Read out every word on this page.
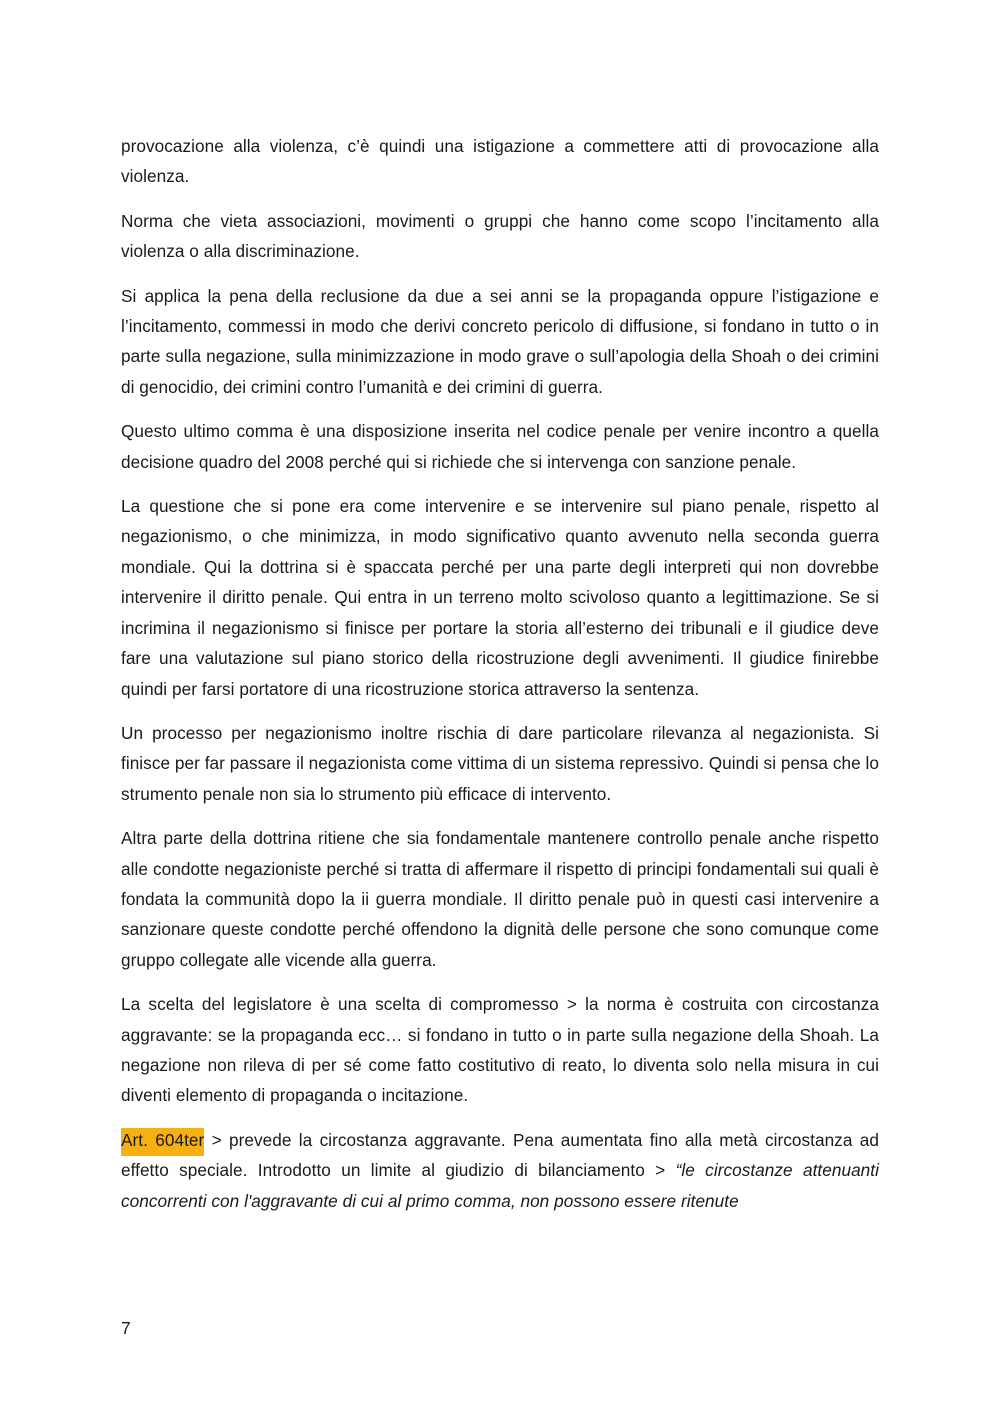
provocazione alla violenza, c’è quindi una istigazione a commettere atti di provocazione alla violenza.

Norma che vieta associazioni, movimenti o gruppi che hanno come scopo l’incitamento alla violenza o alla discriminazione.

Si applica la pena della reclusione da due a sei anni se la propaganda oppure l’istigazione e l’incitamento, commessi in modo che derivi concreto pericolo di diffusione, si fondano in tutto o in parte sulla negazione, sulla minimizzazione in modo grave o sull’apologia della Shoah o dei crimini di genocidio, dei crimini contro l’umanità e dei crimini di guerra.

Questo ultimo comma è una disposizione inserita nel codice penale per venire incontro a quella decisione quadro del 2008 perché qui si richiede che si intervenga con sanzione penale.

La questione che si pone era come intervenire e se intervenire sul piano penale, rispetto al negazionismo, o che minimizza, in modo significativo quanto avvenuto nella seconda guerra mondiale. Qui la dottrina si è spaccata perché per una parte degli interpreti qui non dovrebbe intervenire il diritto penale. Qui entra in un terreno molto scivoloso quanto a legittimazione. Se si incrimina il negazionismo si finisce per portare la storia all’esterno dei tribunali e il giudice deve fare una valutazione sul piano storico della ricostruzione degli avvenimenti. Il giudice finirebbe quindi per farsi portatore di una ricostruzione storica attraverso la sentenza.

Un processo per negazionismo inoltre rischia di dare particolare rilevanza al negazionista. Si finisce per far passare il negazionista come vittima di un sistema repressivo. Quindi si pensa che lo strumento penale non sia lo strumento più efficace di intervento.

Altra parte della dottrina ritiene che sia fondamentale mantenere controllo penale anche rispetto alle condotte negazioniste perché si tratta di affermare il rispetto di principi fondamentali sui quali è fondata la communità dopo la ii guerra mondiale. Il diritto penale può in questi casi intervenire a sanzionare queste condotte perché offendono la dignità delle persone che sono comunque come gruppo collegate alle vicende alla guerra.

La scelta del legislatore è una scelta di compromesso > la norma è costruita con circostanza aggravante: se la propaganda ecc… si fondano in tutto o in parte sulla negazione della Shoah. La negazione non rileva di per sé come fatto costitutivo di reato, lo diventa solo nella misura in cui diventi elemento di propaganda o incitazione.

Art. 604ter > prevede la circostanza aggravante. Pena aumentata fino alla metà circostanza ad effetto speciale. Introdotto un limite al giudizio di bilanciamento > “le circostanze attenuanti concorrenti con l'aggravante di cui al primo comma, non possono essere ritenute

7
